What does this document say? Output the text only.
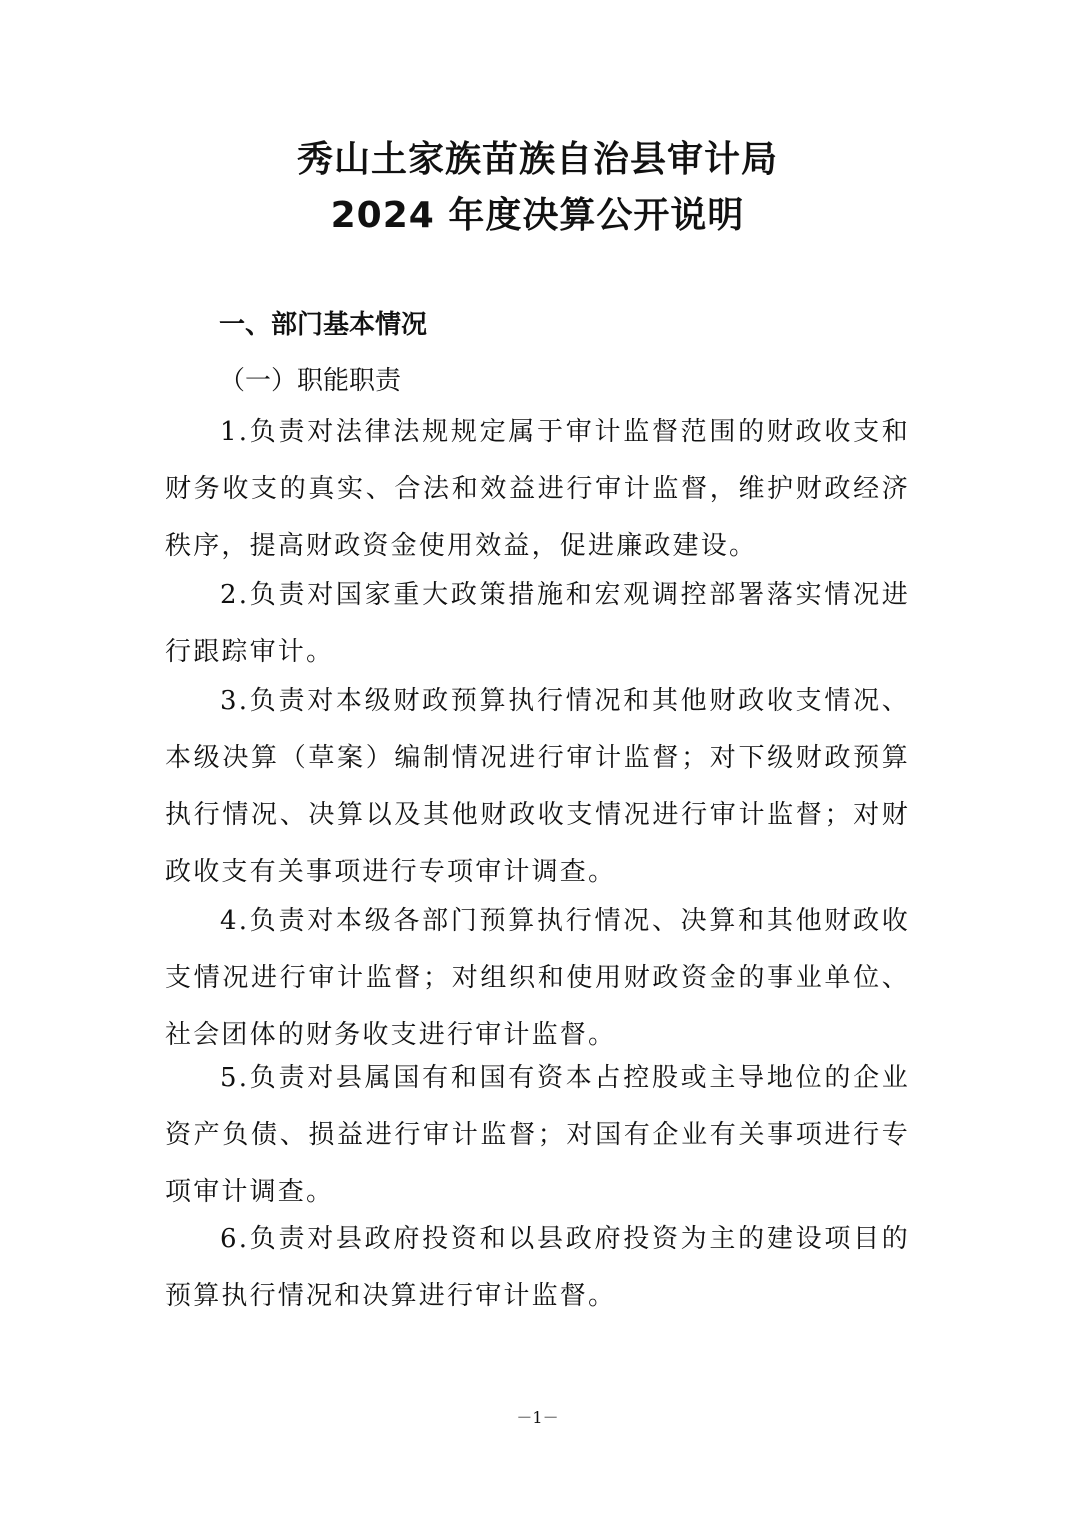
秀山土家族苗族自治县审计局
2024 年度决算公开说明
一、部门基本情况
（一）职能职责

1.负责对法律法规规定属于审计监督范围的财政收支和财务收支的真实、合法和效益进行审计监督，维护财政经济秩序，提高财政资金使用效益，促进廉政建设。

2.负责对国家重大政策措施和宏观调控部署落实情况进行跟踪审计。

3.负责对本级财政预算执行情况和其他财政收支情况、本级决算（草案）编制情况进行审计监督；对下级财政预算执行情况、决算以及其他财政收支情况进行审计监督；对财政收支有关事项进行专项审计调查。

4.负责对本级各部门预算执行情况、决算和其他财政收支情况进行审计监督；对组织和使用财政资金的事业单位、社会团体的财务收支进行审计监督。

5.负责对县属国有和国有资本占控股或主导地位的企业资产负债、损益进行审计监督；对国有企业有关事项进行专项审计调查。

6.负责对县政府投资和以县政府投资为主的建设项目的预算执行情况和决算进行审计监督。

－1－
